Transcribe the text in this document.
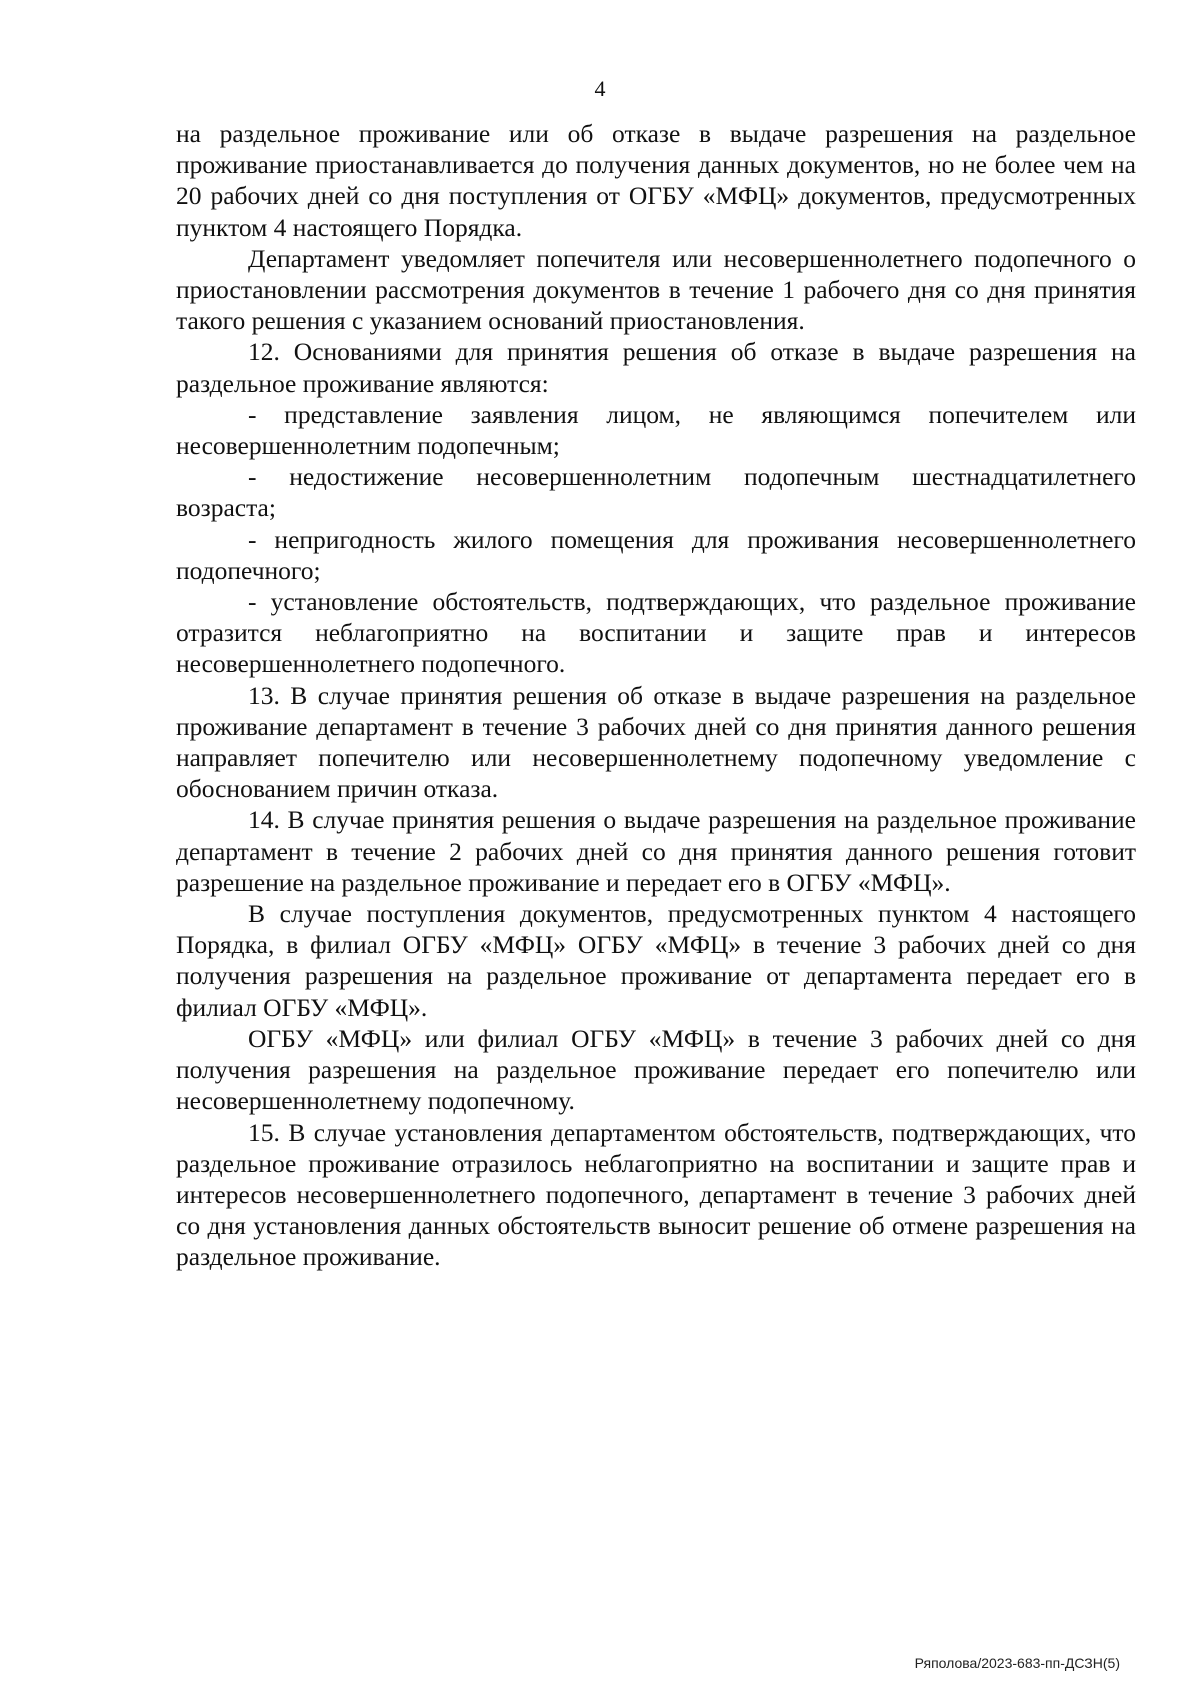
4

на раздельное проживание или об отказе в выдаче разрешения на раздельное проживание приостанавливается до получения данных документов, но не более чем на 20 рабочих дней со дня поступления от ОГБУ «МФЦ» документов, предусмотренных пунктом 4 настоящего Порядка.

Департамент уведомляет попечителя или несовершеннолетнего подопечного о приостановлении рассмотрения документов в течение 1 рабочего дня со дня принятия такого решения с указанием оснований приостановления.

12. Основаниями для принятия решения об отказе в выдаче разрешения на раздельное проживание являются:

- представление заявления лицом, не являющимся попечителем или несовершеннолетним подопечным;

- недостижение несовершеннолетним подопечным шестнадцатилетнего возраста;

- непригодность жилого помещения для проживания несовершеннолетнего подопечного;

- установление обстоятельств, подтверждающих, что раздельное проживание отразится неблагоприятно на воспитании и защите прав и интересов несовершеннолетнего подопечного.

13. В случае принятия решения об отказе в выдаче разрешения на раздельное проживание департамент в течение 3 рабочих дней со дня принятия данного решения направляет попечителю или несовершеннолетнему подопечному уведомление с обоснованием причин отказа.

14. В случае принятия решения о выдаче разрешения на раздельное проживание департамент в течение 2 рабочих дней со дня принятия данного решения готовит разрешение на раздельное проживание и передает его в ОГБУ «МФЦ».

В случае поступления документов, предусмотренных пунктом 4 настоящего Порядка, в филиал ОГБУ «МФЦ» ОГБУ «МФЦ» в течение 3 рабочих дней со дня получения разрешения на раздельное проживание от департамента передает его в филиал ОГБУ «МФЦ».

ОГБУ «МФЦ» или филиал ОГБУ «МФЦ» в течение 3 рабочих дней со дня получения разрешения на раздельное проживание передает его попечителю или несовершеннолетнему подопечному.

15. В случае установления департаментом обстоятельств, подтверждающих, что раздельное проживание отразилось неблагоприятно на воспитании и защите прав и интересов несовершеннолетнего подопечного, департамент в течение 3 рабочих дней со дня установления данных обстоятельств выносит решение об отмене разрешения на раздельное проживание.

Ряполова/2023-683-пп-ДСЗН(5)
